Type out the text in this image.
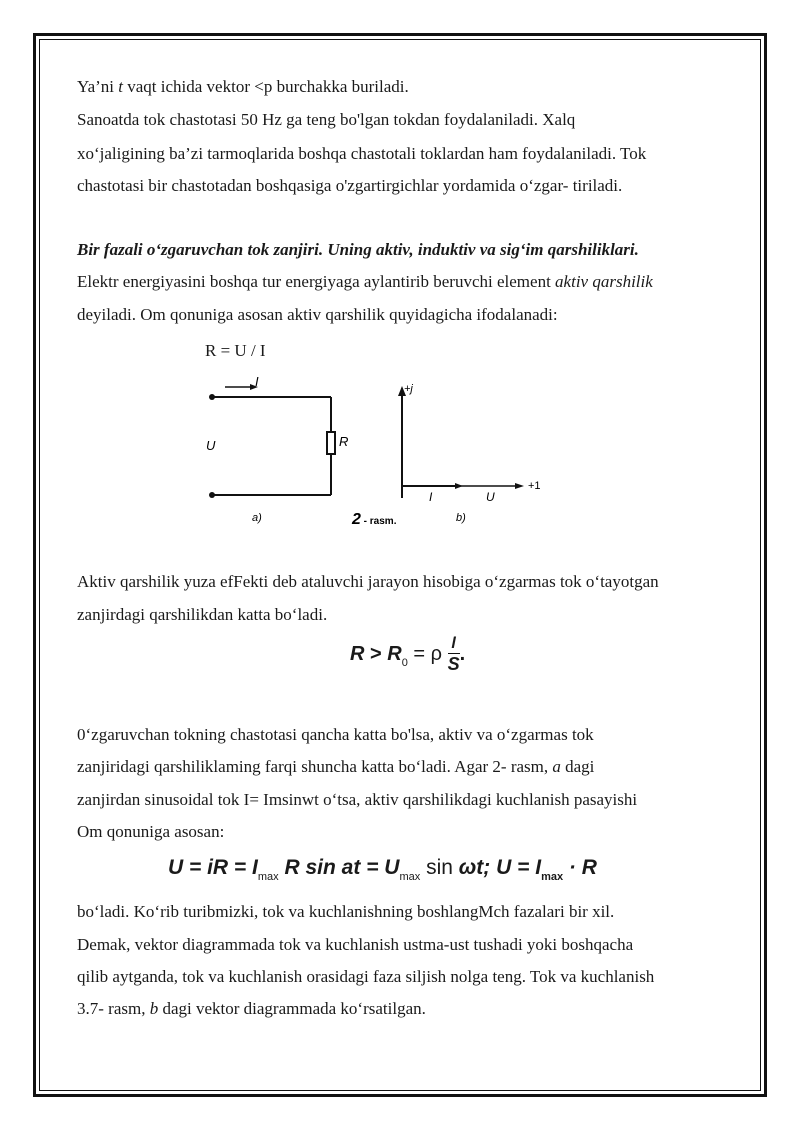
Ya’ni t vaqt ichida vektor <p burchakka buriladi.
Sanoatda tok chastotasi 50 Hz ga teng bo'lgan tokdan foydalaniladi. Xalq
xo‘jaligining ba’zi tarmoqlarida boshqa chastotali toklardan ham foydalaniladi. Tok
chastotasi bir chastotadan boshqasiga o'zgartirgichlar yordamida o‘zgar- tiriladi.
Bir fazali o‘zgaruvchan tok zanjiri. Uning aktiv, induktiv va sig‘im qarshiliklari.
Elektr energiyasini boshqa tur energiyaga aylantirib beruvchi element aktiv qarshilik
deyiladi. Om qonuniga asosan aktiv qarshilik quyidagicha ifodalanadi:
R = U / I
I
U	R
a)	2 - rasm.
+j
+1
I	U
b)
Aktiv qarshilik yuza efFekti deb ataluvchi jarayon hisobiga o‘zgarmas tok o‘tayotgan
zanjirdagi qarshilikdan katta bo‘ladi.
$R > R_0 = \rho \frac{l}{S}$ .
0‘zgaruvchan tokning chastotasi qancha katta bo'lsa, aktiv va o‘zgarmas tok
zanjiridagi qarshiliklaming farqi shuncha katta bo‘ladi. Agar 2- rasm, a dagi
zanjirdan sinusoidal tok I= Imsinwt o‘tsa, aktiv qarshilikdagi kuchlanish pasayishi
Om qonuniga asosan:
U = iR = $I_{max}$ R sin at = $U_{max}$ sin ωt; $U = I_{max} \cdot R$
bo‘ladi. Ko‘rib turibmizki, tok va kuchlanishning boshlangMch fazalari bir xil.
Demak, vektor diagrammada tok va kuchlanish ustma-ust tushadi yoki boshqacha
qilib aytganda, tok va kuchlanish orasidagi faza siljish nolga teng. Tok va kuchlanish
3.7- rasm, b dagi vektor diagrammada ko‘rsatilgan.
